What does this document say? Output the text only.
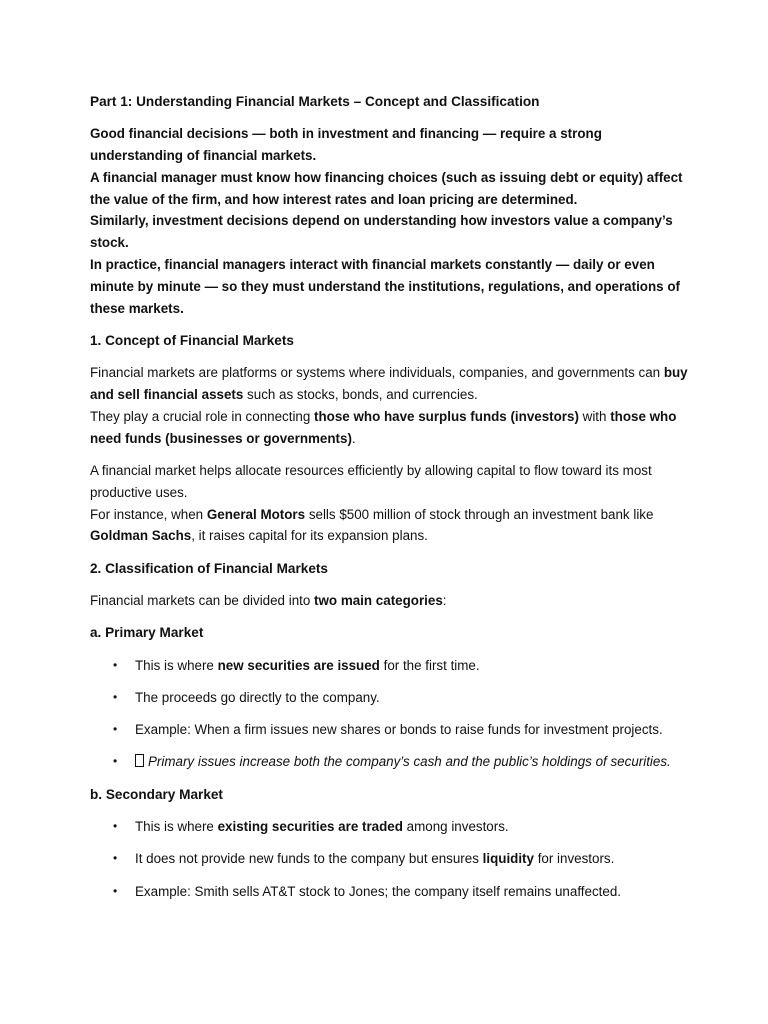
Part 1: Understanding Financial Markets – Concept and Classification
Good financial decisions — both in investment and financing — require a strong understanding of financial markets.
A financial manager must know how financing choices (such as issuing debt or equity) affect the value of the firm, and how interest rates and loan pricing are determined.
Similarly, investment decisions depend on understanding how investors value a company’s stock.
In practice, financial managers interact with financial markets constantly — daily or even minute by minute — so they must understand the institutions, regulations, and operations of these markets.
1. Concept of Financial Markets
Financial markets are platforms or systems where individuals, companies, and governments can buy and sell financial assets such as stocks, bonds, and currencies.
They play a crucial role in connecting those who have surplus funds (investors) with those who need funds (businesses or governments).
A financial market helps allocate resources efficiently by allowing capital to flow toward its most productive uses.
For instance, when General Motors sells $500 million of stock through an investment bank like Goldman Sachs, it raises capital for its expansion plans.
2. Classification of Financial Markets
Financial markets can be divided into two main categories:
a. Primary Market
• This is where new securities are issued for the first time.
• The proceeds go directly to the company.
• Example: When a firm issues new shares or bonds to raise funds for investment projects.
• Primary issues increase both the company’s cash and the public’s holdings of securities.
b. Secondary Market
• This is where existing securities are traded among investors.
• It does not provide new funds to the company but ensures liquidity for investors.
• Example: Smith sells AT&T stock to Jones; the company itself remains unaffected.
